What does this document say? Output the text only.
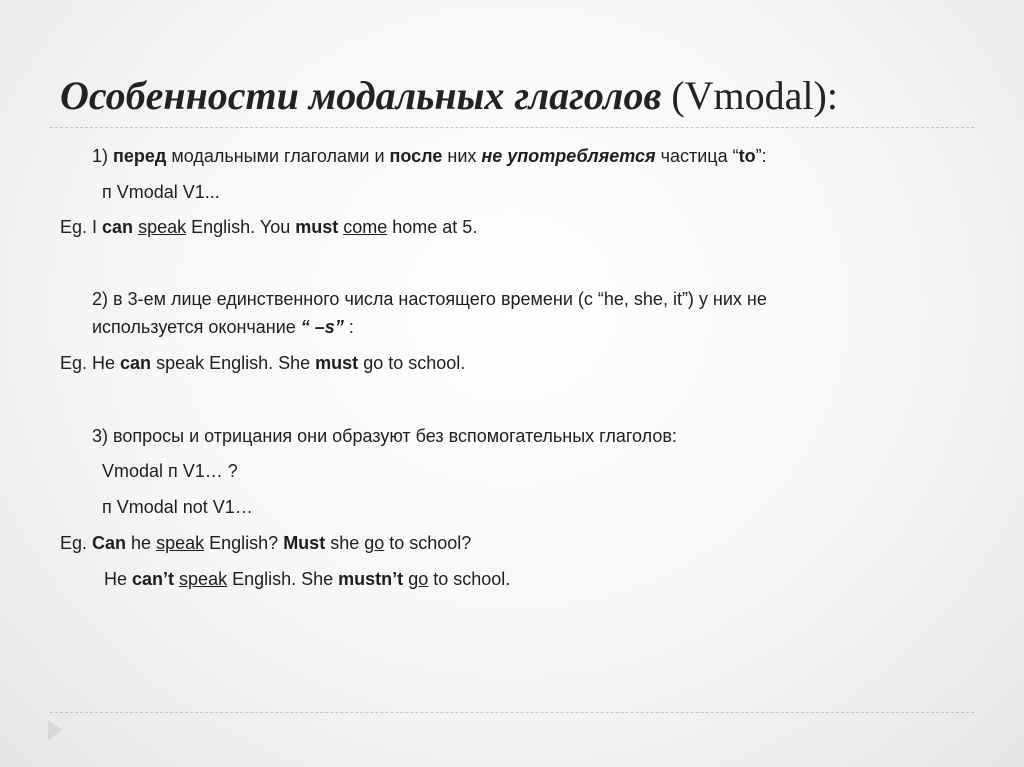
Особенности модальных глаголов (Vmodal):
1) перед модальными глаголами и после них не употребляется частица “to”:
п Vmodal V1...
Eg. I can speak English. You must come home at 5.
2) в 3-ем лице единственного числа настоящего времени (с “he, she, it”) у них не
используется окончание “ –s” :
Eg. He can speak English. She must go to school.
3) вопросы и отрицания они образуют без вспомогательных глаголов:
Vmodal п V1… ?
п Vmodal not V1…
Eg. Can he speak English? Must she go to school?
He can’t speak English. She mustn’t go to school.
